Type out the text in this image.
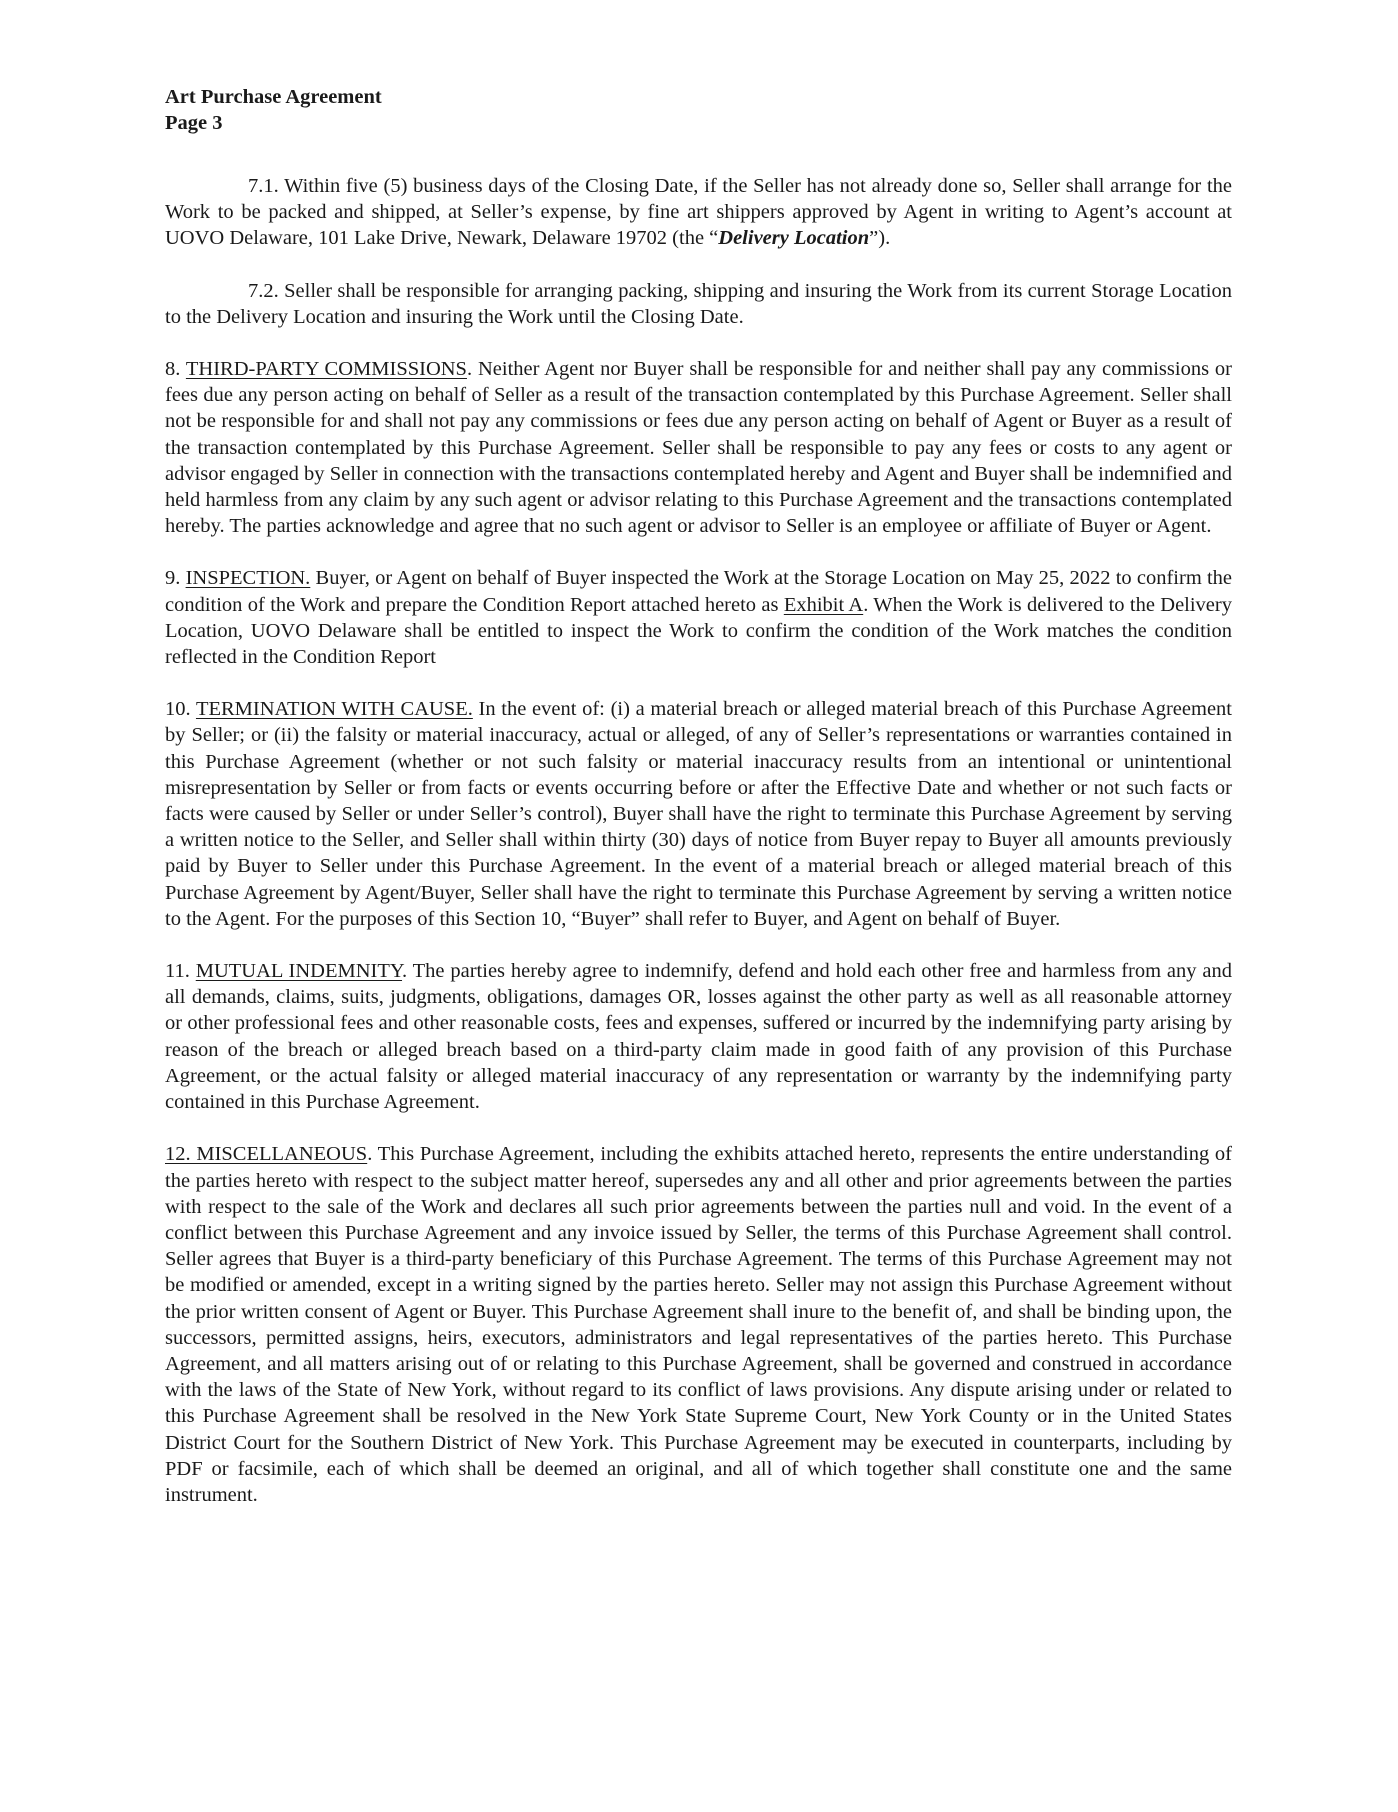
Art Purchase Agreement
Page 3

7.1. Within five (5) business days of the Closing Date, if the Seller has not already done so, Seller shall arrange for the Work to be packed and shipped, at Seller’s expense, by fine art shippers approved by Agent in writing to Agent’s account at UOVO Delaware, 101 Lake Drive, Newark, Delaware 19702 (the “Delivery Location”).

7.2. Seller shall be responsible for arranging packing, shipping and insuring the Work from its current Storage Location to the Delivery Location and insuring the Work until the Closing Date.

8. THIRD-PARTY COMMISSIONS. Neither Agent nor Buyer shall be responsible for and neither shall pay any commissions or fees due any person acting on behalf of Seller as a result of the transaction contemplated by this Purchase Agreement. Seller shall not be responsible for and shall not pay any commissions or fees due any person acting on behalf of Agent or Buyer as a result of the transaction contemplated by this Purchase Agreement. Seller shall be responsible to pay any fees or costs to any agent or advisor engaged by Seller in connection with the transactions contemplated hereby and Agent and Buyer shall be indemnified and held harmless from any claim by any such agent or advisor relating to this Purchase Agreement and the transactions contemplated hereby. The parties acknowledge and agree that no such agent or advisor to Seller is an employee or affiliate of Buyer or Agent.

9. INSPECTION. Buyer, or Agent on behalf of Buyer inspected the Work at the Storage Location on May 25, 2022 to confirm the condition of the Work and prepare the Condition Report attached hereto as Exhibit A. When the Work is delivered to the Delivery Location, UOVO Delaware shall be entitled to inspect the Work to confirm the condition of the Work matches the condition reflected in the Condition Report

10. TERMINATION WITH CAUSE. In the event of: (i) a material breach or alleged material breach of this Purchase Agreement by Seller; or (ii) the falsity or material inaccuracy, actual or alleged, of any of Seller’s representations or warranties contained in this Purchase Agreement (whether or not such falsity or material inaccuracy results from an intentional or unintentional misrepresentation by Seller or from facts or events occurring before or after the Effective Date and whether or not such facts or facts were caused by Seller or under Seller’s control), Buyer shall have the right to terminate this Purchase Agreement by serving a written notice to the Seller, and Seller shall within thirty (30) days of notice from Buyer repay to Buyer all amounts previously paid by Buyer to Seller under this Purchase Agreement. In the event of a material breach or alleged material breach of this Purchase Agreement by Agent/Buyer, Seller shall have the right to terminate this Purchase Agreement by serving a written notice to the Agent. For the purposes of this Section 10, “Buyer” shall refer to Buyer, and Agent on behalf of Buyer.

11. MUTUAL INDEMNITY. The parties hereby agree to indemnify, defend and hold each other free and harmless from any and all demands, claims, suits, judgments, obligations, damages OR, losses against the other party as well as all reasonable attorney or other professional fees and other reasonable costs, fees and expenses, suffered or incurred by the indemnifying party arising by reason of the breach or alleged breach based on a third-party claim made in good faith of any provision of this Purchase Agreement, or the actual falsity or alleged material inaccuracy of any representation or warranty by the indemnifying party contained in this Purchase Agreement.

12. MISCELLANEOUS. This Purchase Agreement, including the exhibits attached hereto, represents the entire understanding of the parties hereto with respect to the subject matter hereof, supersedes any and all other and prior agreements between the parties with respect to the sale of the Work and declares all such prior agreements between the parties null and void. In the event of a conflict between this Purchase Agreement and any invoice issued by Seller, the terms of this Purchase Agreement shall control. Seller agrees that Buyer is a third-party beneficiary of this Purchase Agreement. The terms of this Purchase Agreement may not be modified or amended, except in a writing signed by the parties hereto. Seller may not assign this Purchase Agreement without the prior written consent of Agent or Buyer. This Purchase Agreement shall inure to the benefit of, and shall be binding upon, the successors, permitted assigns, heirs, executors, administrators and legal representatives of the parties hereto. This Purchase Agreement, and all matters arising out of or relating to this Purchase Agreement, shall be governed and construed in accordance with the laws of the State of New York, without regard to its conflict of laws provisions. Any dispute arising under or related to this Purchase Agreement shall be resolved in the New York State Supreme Court, New York County or in the United States District Court for the Southern District of New York. This Purchase Agreement may be executed in counterparts, including by PDF or facsimile, each of which shall be deemed an original, and all of which together shall constitute one and the same instrument.
